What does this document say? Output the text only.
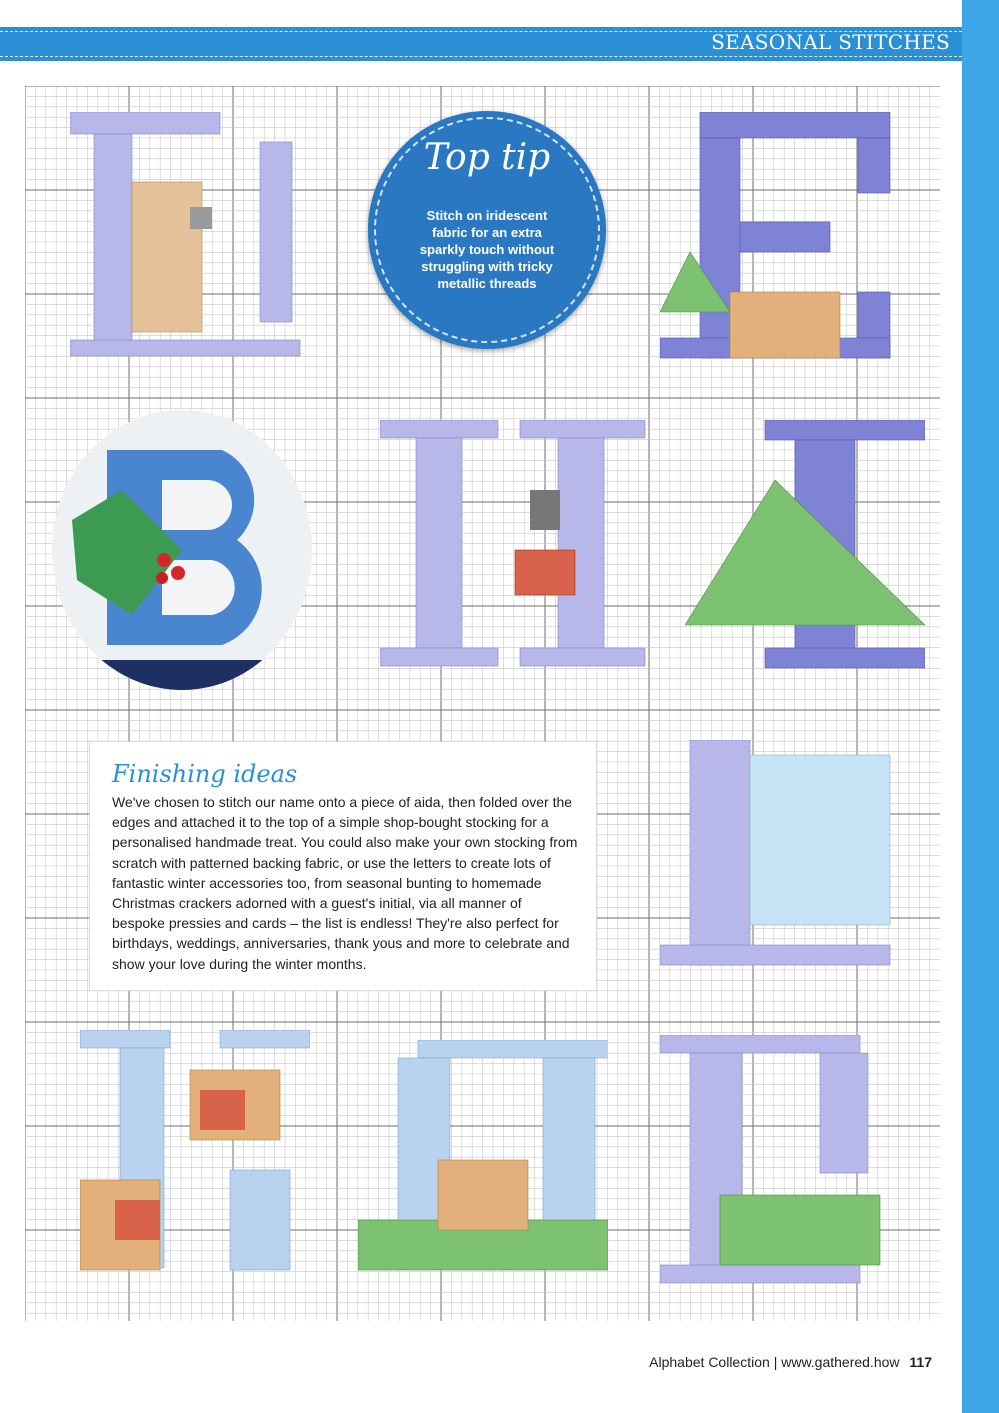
SEASONAL STITCHES
Top tip
Stitch on iridescent fabric for an extra sparkly touch without struggling with tricky metallic threads
Finishing ideas
We've chosen to stitch our name onto a piece of aida, then folded over the edges and attached it to the top of a simple shop-bought stocking for a personalised handmade treat. You could also make your own stocking from scratch with patterned backing fabric, or use the letters to create lots of fantastic winter accessories too, from seasonal bunting to homemade Christmas crackers adorned with a guest's initial, via all manner of bespoke pressies and cards – the list is endless! They're also perfect for birthdays, weddings, anniversaries, thank yous and more to celebrate and show your love during the winter months.
Alphabet Collection | www.gathered.how 117
